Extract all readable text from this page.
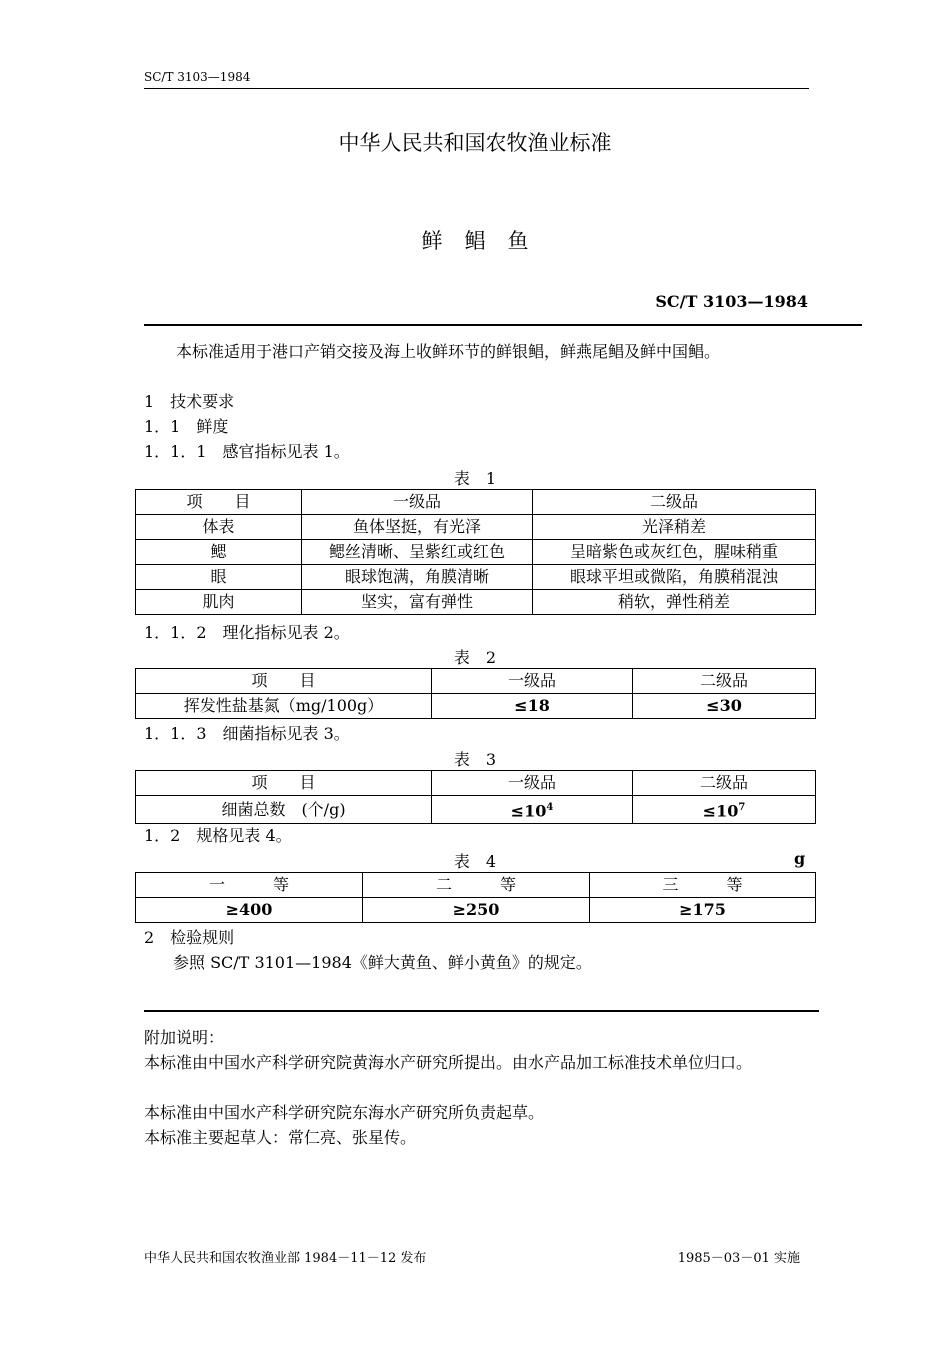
SC/T 3103—1984
中华人民共和国农牧渔业标准
鲜鲳鱼
SC/T 3103—1984
本标准适用于港口产销交接及海上收鲜环节的鲜银鲳，鲜燕尾鲳及鲜中国鲳。
1　技术要求
1．1　鲜度
1．1．1　感官指标见表 1。
表　1
项　　目	一级品	二级品
体表	鱼体坚挺，有光泽	光泽稍差
鳃	鳃丝清晰、呈紫红或红色	呈暗紫色或灰红色，腥味稍重
眼	眼球饱满，角膜清晰	眼球平坦或微陷，角膜稍混浊
肌肉	坚实，富有弹性	稍软，弹性稍差
1．1．2　理化指标见表 2。
表　2
项　　目	一级品	二级品
挥发性盐基氮（mg/100g）	≤18	≤30
1．1．3　细菌指标见表 3。
表　3
项　　目	一级品	二级品
细菌总数　(个/g)	$\le 10^4$	$\le 10^7$
1．2　规格见表 4。
表　4	g
一　　　等	二　　　等	三　　　等
≥400	≥250	≥175
2　检验规则
参照 SC/T 3101—1984《鲜大黄鱼、鲜小黄鱼》的规定。
附加说明：
本标准由中国水产科学研究院黄海水产研究所提出。由水产品加工标准技术单位归口。
本标准由中国水产科学研究院东海水产研究所负责起草。
本标准主要起草人：常仁亮、张星传。
中华人民共和国农牧渔业部 1984－11－12 发布	1985－03－01 实施
